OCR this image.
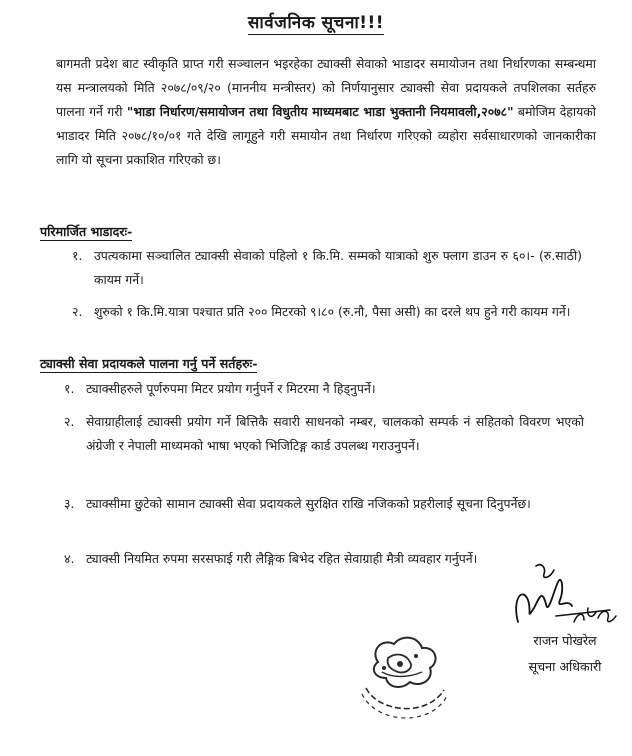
सार्वजनिक सूचना!!!
बागमती प्रदेश बाट स्वीकृति प्राप्त गरी सञ्चालन भइरहेका ट्याक्सी सेवाको भाडादर समायोजन तथा निर्धारणका सम्बन्धमा यस मन्त्रालयको मिति २०७८/०९/२० (माननीय मन्त्रीस्तर) को निर्णयानुसार ट्याक्सी सेवा प्रदायकले तपशिलका सर्तहरु पालना गर्ने गरी "भाडा निर्धारण/समायोजन तथा विधुतीय माध्यमबाट भाडा भुक्तानी नियमावली,२०७८" बमोजिम देहायको भाडादर मिति २०७८/१०/०१ गते देखि लागूहुने गरी समायोन तथा निर्धारण गरिएको व्यहोरा सर्वसाधारणको जानकारीका लागि यो सूचना प्रकाशित गरिएको छ।
परिमार्जित भाडादरः-
१. उपत्यकामा सञ्चालित ट्याक्सी सेवाको पहिलो १ कि.मि. सम्मको यात्राको शुरु फ्लाग डाउन रु ६०।- (रु.साठी) कायम गर्ने।
२. शुरुको १ कि.मि.यात्रा पश्चात प्रति २०० मिटरको ९।८० (रु.नौ, पैसा असी) का दरले थप हुने गरी कायम गर्ने।
ट्याक्सी सेवा प्रदायकले पालना गर्नु पर्ने सर्तहरुः-
१. ट्याक्सीहरुले पूर्णरुपमा मिटर प्रयोग गर्नुपर्ने र मिटरमा नै हिड्नुपर्ने।
२. सेवाग्राहीलाई ट्याक्सी प्रयोग गर्ने बित्तिकै सवारी साधनको नम्बर, चालकको सम्पर्क नं सहितको विवरण भएको अंग्रेजी र नेपाली माध्यमको भाषा भएको भिजिटिङ्ग कार्ड उपलब्ध गराउनुपर्ने।
३. ट्याक्सीमा छुटेको सामान ट्याक्सी सेवा प्रदायकले सुरक्षित राखि नजिकको प्रहरीलाई सूचना दिनुपर्नेछ।
४. ट्याक्सी नियमित रुपमा सरसफाई गरी लैङ्गिक बिभेद रहित सेवाग्राही मैत्री व्यवहार गर्नुपर्ने।
राजन पोखरेल
सूचना अधिकारी
